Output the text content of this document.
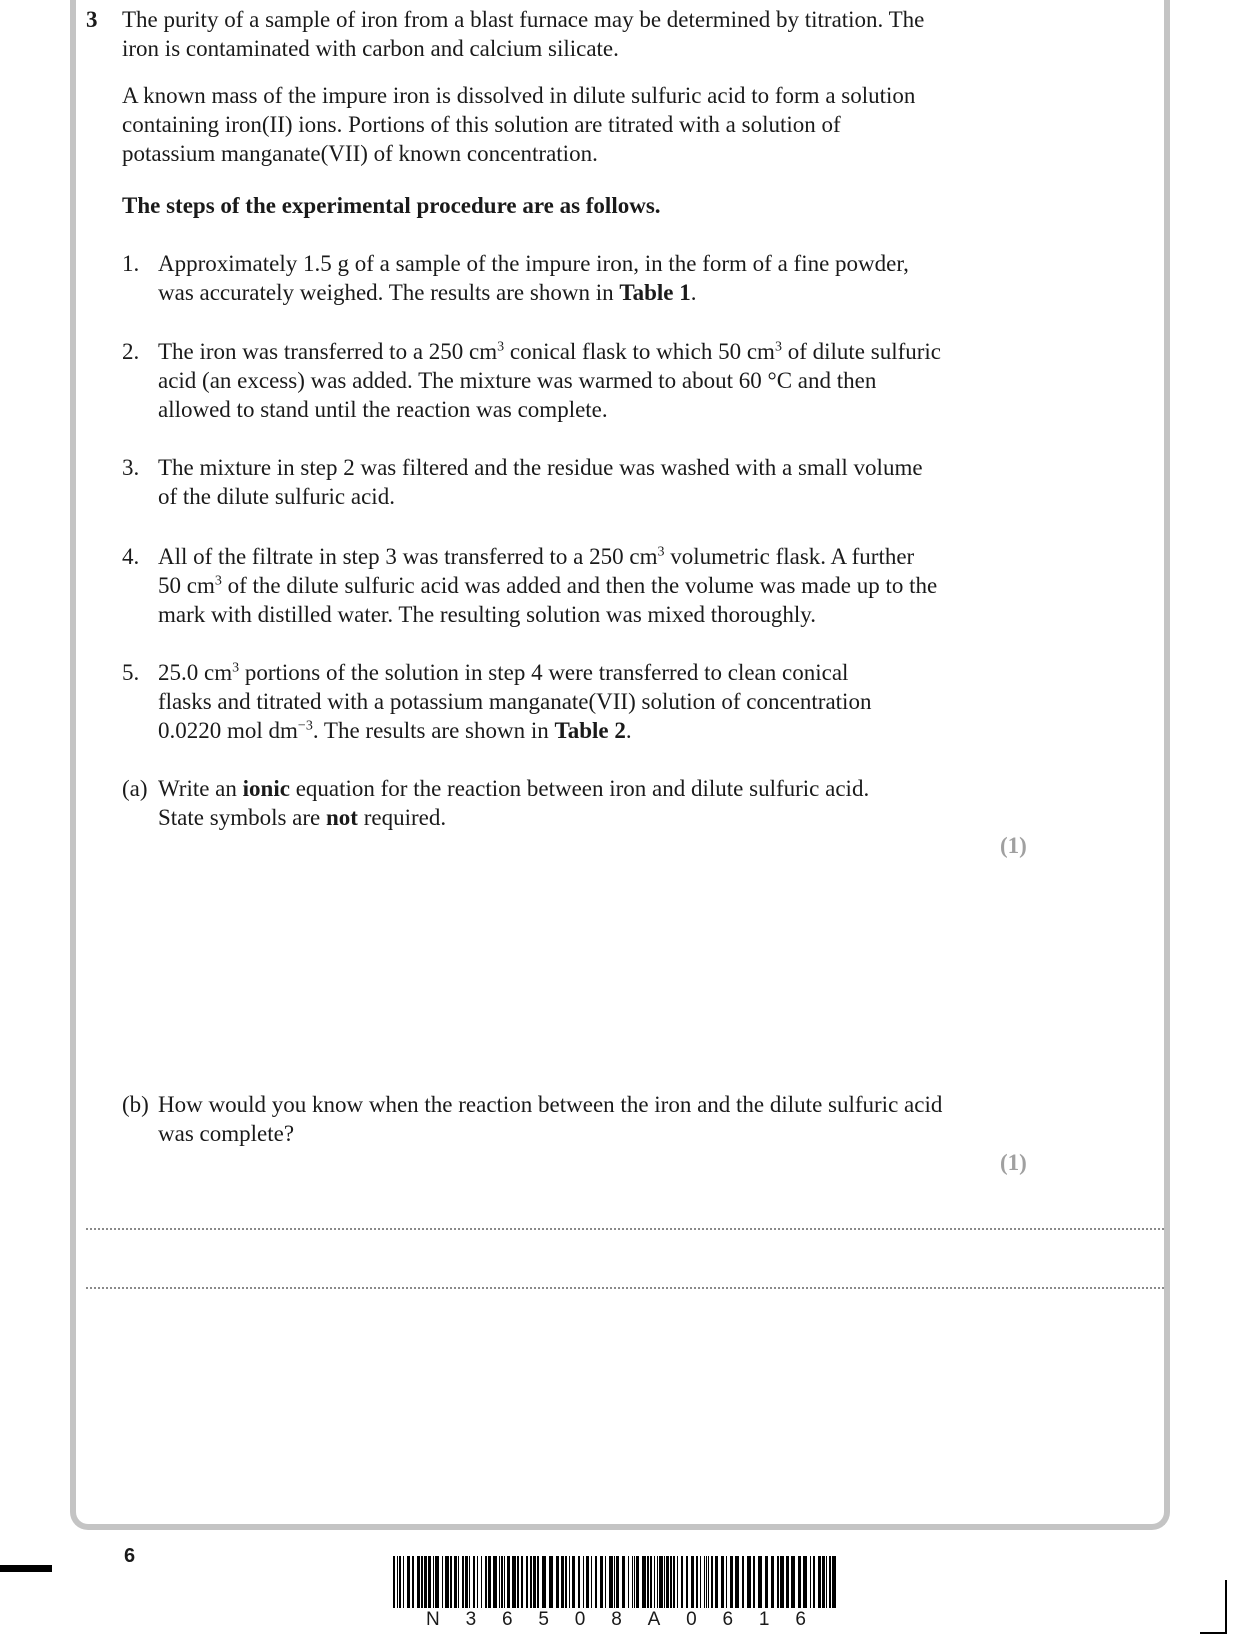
3 The purity of a sample of iron from a blast furnace may be determined by titration. The
iron is contaminated with carbon and calcium silicate.
A known mass of the impure iron is dissolved in dilute sulfuric acid to form a solution
containing iron(II) ions. Portions of this solution are titrated with a solution of
potassium manganate(VII) of known concentration.
The steps of the experimental procedure are as follows.
1. Approximately 1.5 g of a sample of the impure iron, in the form of a fine powder,
was accurately weighed. The results are shown in Table 1.
2. The iron was transferred to a 250 $cm^3$ conical flask to which 50 $cm^3$ of dilute sulfuric
acid (an excess) was added. The mixture was warmed to about 60 °C and then
allowed to stand until the reaction was complete.
3. The mixture in step 2 was filtered and the residue was washed with a small volume
of the dilute sulfuric acid.
4. All of the filtrate in step 3 was transferred to a 250 $cm^3$ volumetric flask. A further
50 $cm^3$ of the dilute sulfuric acid was added and then the volume was made up to the
mark with distilled water. The resulting solution was mixed thoroughly.
5. 25.0 $cm^3$ portions of the solution in step 4 were transferred to clean conical
flasks and titrated with a potassium manganate(VII) solution of concentration
0.0220 mol $dm^{-3}$. The results are shown in Table 2.
(a) Write an ionic equation for the reaction between iron and dilute sulfuric acid.
State symbols are not required.
(1)
(b) How would you know when the reaction between the iron and the dilute sulfuric acid
was complete?
(1)
6
N 3 6 5 0 8 A 0 6 1 6
